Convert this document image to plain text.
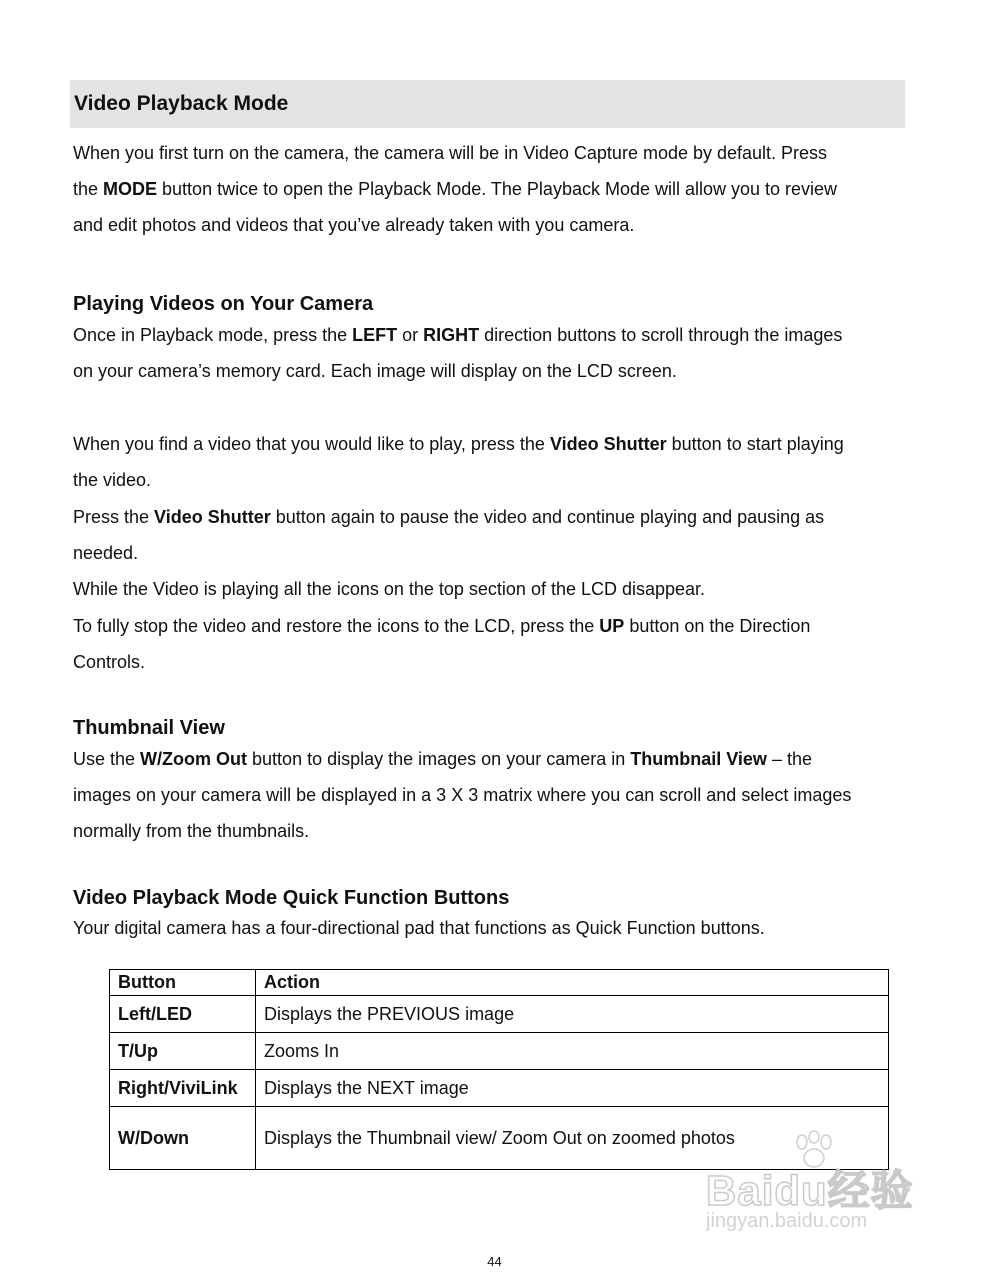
Video Playback Mode
When you first turn on the camera, the camera will be in Video Capture mode by default. Press
the MODE button twice to open the Playback Mode. The Playback Mode will allow you to review
and edit photos and videos that you’ve already taken with you camera.
Playing Videos on Your Camera
Once in Playback mode, press the LEFT or RIGHT direction buttons to scroll through the images
on your camera’s memory card. Each image will display on the LCD screen.
When you find a video that you would like to play, press the Video Shutter button to start playing
the video.
Press the Video Shutter button again to pause the video and continue playing and pausing as
needed.
While the Video is playing all the icons on the top section of the LCD disappear.
To fully stop the video and restore the icons to the LCD, press the UP button on the Direction
Controls.
Thumbnail View
Use the W/Zoom Out button to display the images on your camera in Thumbnail View – the
images on your camera will be displayed in a 3 X 3 matrix where you can scroll and select images
normally from the thumbnails.
Video Playback Mode Quick Function Buttons
Your digital camera has a four-directional pad that functions as Quick Function buttons.
Button	Action
Left/LED	Displays the PREVIOUS image
T/Up	Zooms In
Right/ViviLink	Displays the NEXT image
W/Down	Displays the Thumbnail view/ Zoom Out on zoomed photos
Baidu经验
jingyan.baidu.com
44
